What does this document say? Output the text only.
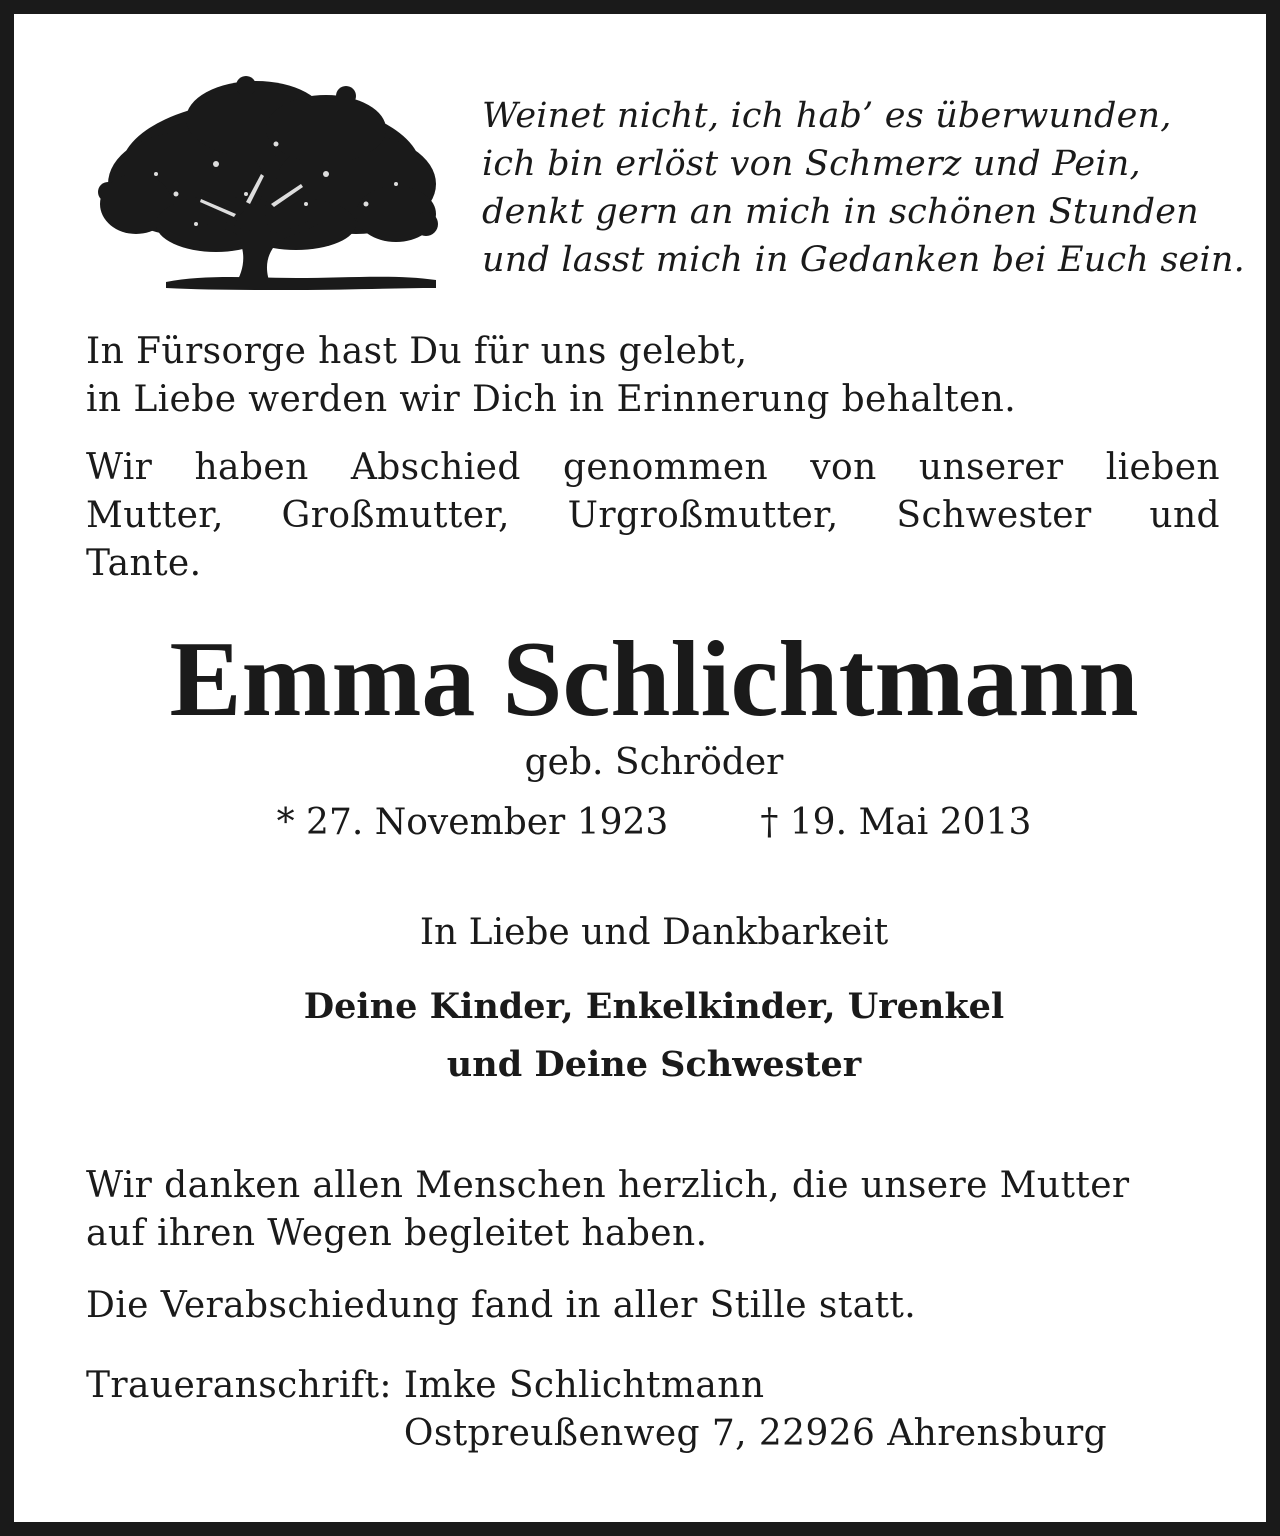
Weinet nicht, ich hab’ es überwunden,
ich bin erlöst von Schmerz und Pein,
denkt gern an mich in schönen Stunden
und lasst mich in Gedanken bei Euch sein.
In Fürsorge hast Du für uns gelebt,
in Liebe werden wir Dich in Erinnerung behalten.
Wir haben Abschied genommen von unserer lieben
Mutter, Großmutter, Urgroßmutter, Schwester und
Tante.
Emma Schlichtmann
geb. Schröder
* 27. November 1923	† 19. Mai 2013
In Liebe und Dankbarkeit
Deine Kinder, Enkelkinder, Urenkel
und Deine Schwester
Wir danken allen Menschen herzlich, die unsere Mutter
auf ihren Wegen begleitet haben.
Die Verabschiedung fand in aller Stille statt.
Traueranschrift: Imke Schlichtmann
Ostpreußenweg 7, 22926 Ahrensburg
